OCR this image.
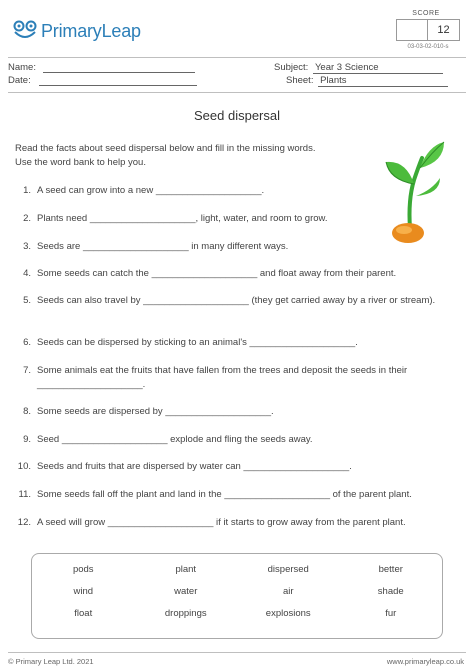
PrimaryLeap
SCORE
12
03-03-02-010-s
Name:
Date:
Subject: Year 3 Science
Sheet: Plants
Seed dispersal
Read the facts about seed dispersal below and fill in the missing words.
Use the word bank to help you.
1. A seed can grow into a new ____________________.
2. Plants need ____________________, light, water, and room to grow.
3. Seeds are ____________________ in many different ways.
4. Some seeds can catch the ____________________ and float away from their parent.
5. Seeds can also travel by ____________________ (they get carried away by a river or stream).
6. Seeds can be dispersed by sticking to an animal's ____________________.
7. Some animals eat the fruits that have fallen from the trees and deposit the seeds in their ____________________.
8. Some seeds are dispersed by ____________________.
9. Seed ____________________ explode and fling the seeds away.
10. Seeds and fruits that are dispersed by water can ____________________.
11. Some seeds fall off the plant and land in the ____________________ of the parent plant.
12. A seed will grow ____________________ if it starts to grow away from the parent plant.
pods	plant	dispersed	better
wind	water	air	shade
float	droppings	explosions	fur
© Primary Leap Ltd. 2021	www.primaryleap.co.uk
